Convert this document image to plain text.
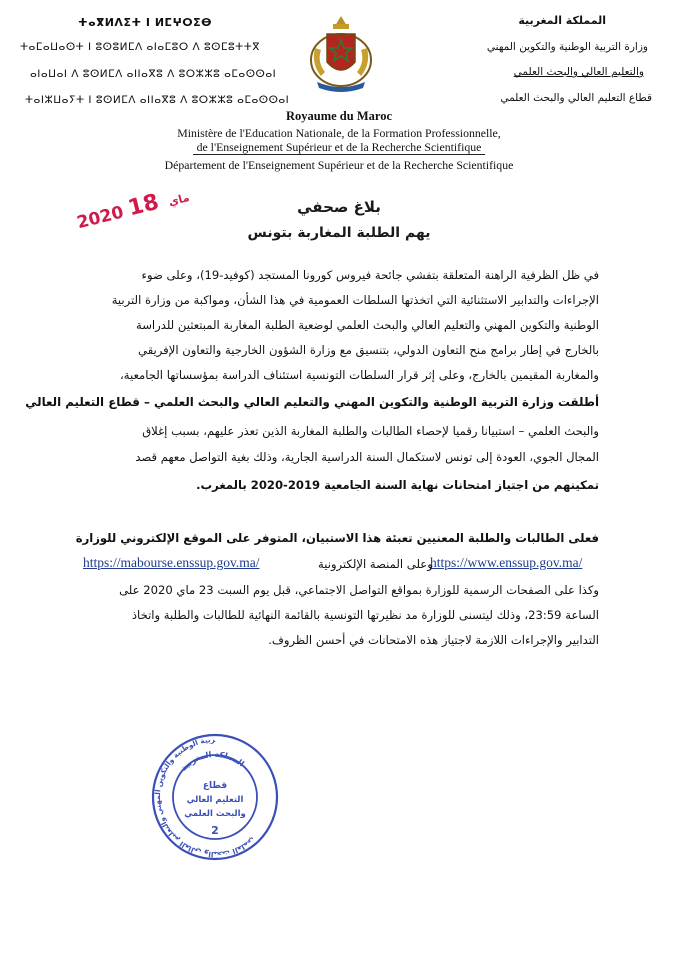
ⵜⴰⴳⵍⴷⵉⵜ ⵏ ⵍⵎⵖⵔⵉⴱ
ⵜⴰⵎⴰⵡⴰⵙⵜ ⵏ ⵓⵙⵓⵍⵎⴷ ⴰⵏⴰⵎⵓⵔ ⴷ ⵓⵙⵎⵓⵜⵜⴳ
ⴰⵏⴰⵡⴰⵏ ⴷ ⵓⵙⵍⵎⴷ ⴰⵏⵏⴰⴳⵓ ⴷ ⵓⵔⵣⵣⵓ ⴰⵎⴰⵙⵙⴰⵏ
ⵜⴰⵏⵣⵡⴰⵢⵜ ⵏ ⵓⵙⵍⵎⴷ ⴰⵏⵏⴰⴳⵓ ⴷ ⵓⵔⵣⵣⵓ ⴰⵎⴰⵙⵙⴰⵏ
المملكة المغربية
وزارة التربية الوطنية والتكوين المهني
والتعليم العالي والبحث العلمي
قطاع التعليم العالي والبحث العلمي
Royaume du Maroc
Ministère de l'Education Nationale, de la Formation Professionnelle,
de l'Enseignement Supérieur et de la Recherche Scientifique
Département de l'Enseignement Supérieur et de la Recherche Scientifique
2020 ماي 18	بلاغ صحفي
يهم الطلبة المغاربة بتونس
في ظل الظرفية الراهنة المتعلقة بتفشي جائحة فيروس كورونا المستجد (كوفيد-19)، وعلى ضوء
الإجراءات والتدابير الاستثنائية التي اتخذتها السلطات العمومية في هذا الشأن، ومواكبة من وزارة التربية
الوطنية والتكوين المهني والتعليم العالي والبحث العلمي لوضعية الطلبة المغاربة المبتعثين للدراسة
بالخارج في إطار برامج منح التعاون الدولي، بتنسيق مع وزارة الشؤون الخارجية والتعاون الإفريقي
والمغاربة المقيمين بالخارج، وعلى إثر قرار السلطات التونسية استئناف الدراسة بمؤسساتها الجامعية،
أطلقت وزارة التربية الوطنية والتكوين المهني والتعليم العالي والبحث العلمي – قطاع التعليم العالي
والبحث العلمي – استبيانا رقميا لإحصاء الطالبات والطلبة المغاربة الذين تعذر عليهم، بسبب إغلاق
المجال الجوي، العودة إلى تونس لاستكمال السنة الدراسية الجارية، وذلك بغية التواصل معهم قصد
تمكينهم من اجتياز امتحانات نهاية السنة الجامعية 2019-2020 بالمغرب.
فعلى الطالبات والطلبة المعنيين تعبئة هذا الاستبيان، المتوفر على الموقع الإلكتروني للوزارة
https://www.enssup.gov.ma/
وعلى المنصة الإلكترونية
https://mabourse.enssup.gov.ma/
وكذا على الصفحات الرسمية للوزارة بمواقع التواصل الاجتماعي، قبل يوم السبت 23 ماي 2020 على
الساعة 23:59، وذلك ليتسنى للوزارة مد نظيرتها التونسية بالقائمة النهائية للطالبات والطلبة واتخاذ
التدابير والإجراءات اللازمة لاجتياز هذه الامتحانات في أحسن الظروف.
ربية الوطنية والتكوين المهني والتعليم العالي والبحث العلمي
المملكة المغربية
قطاع
التعليم العالي
والبحث العلمي
2
